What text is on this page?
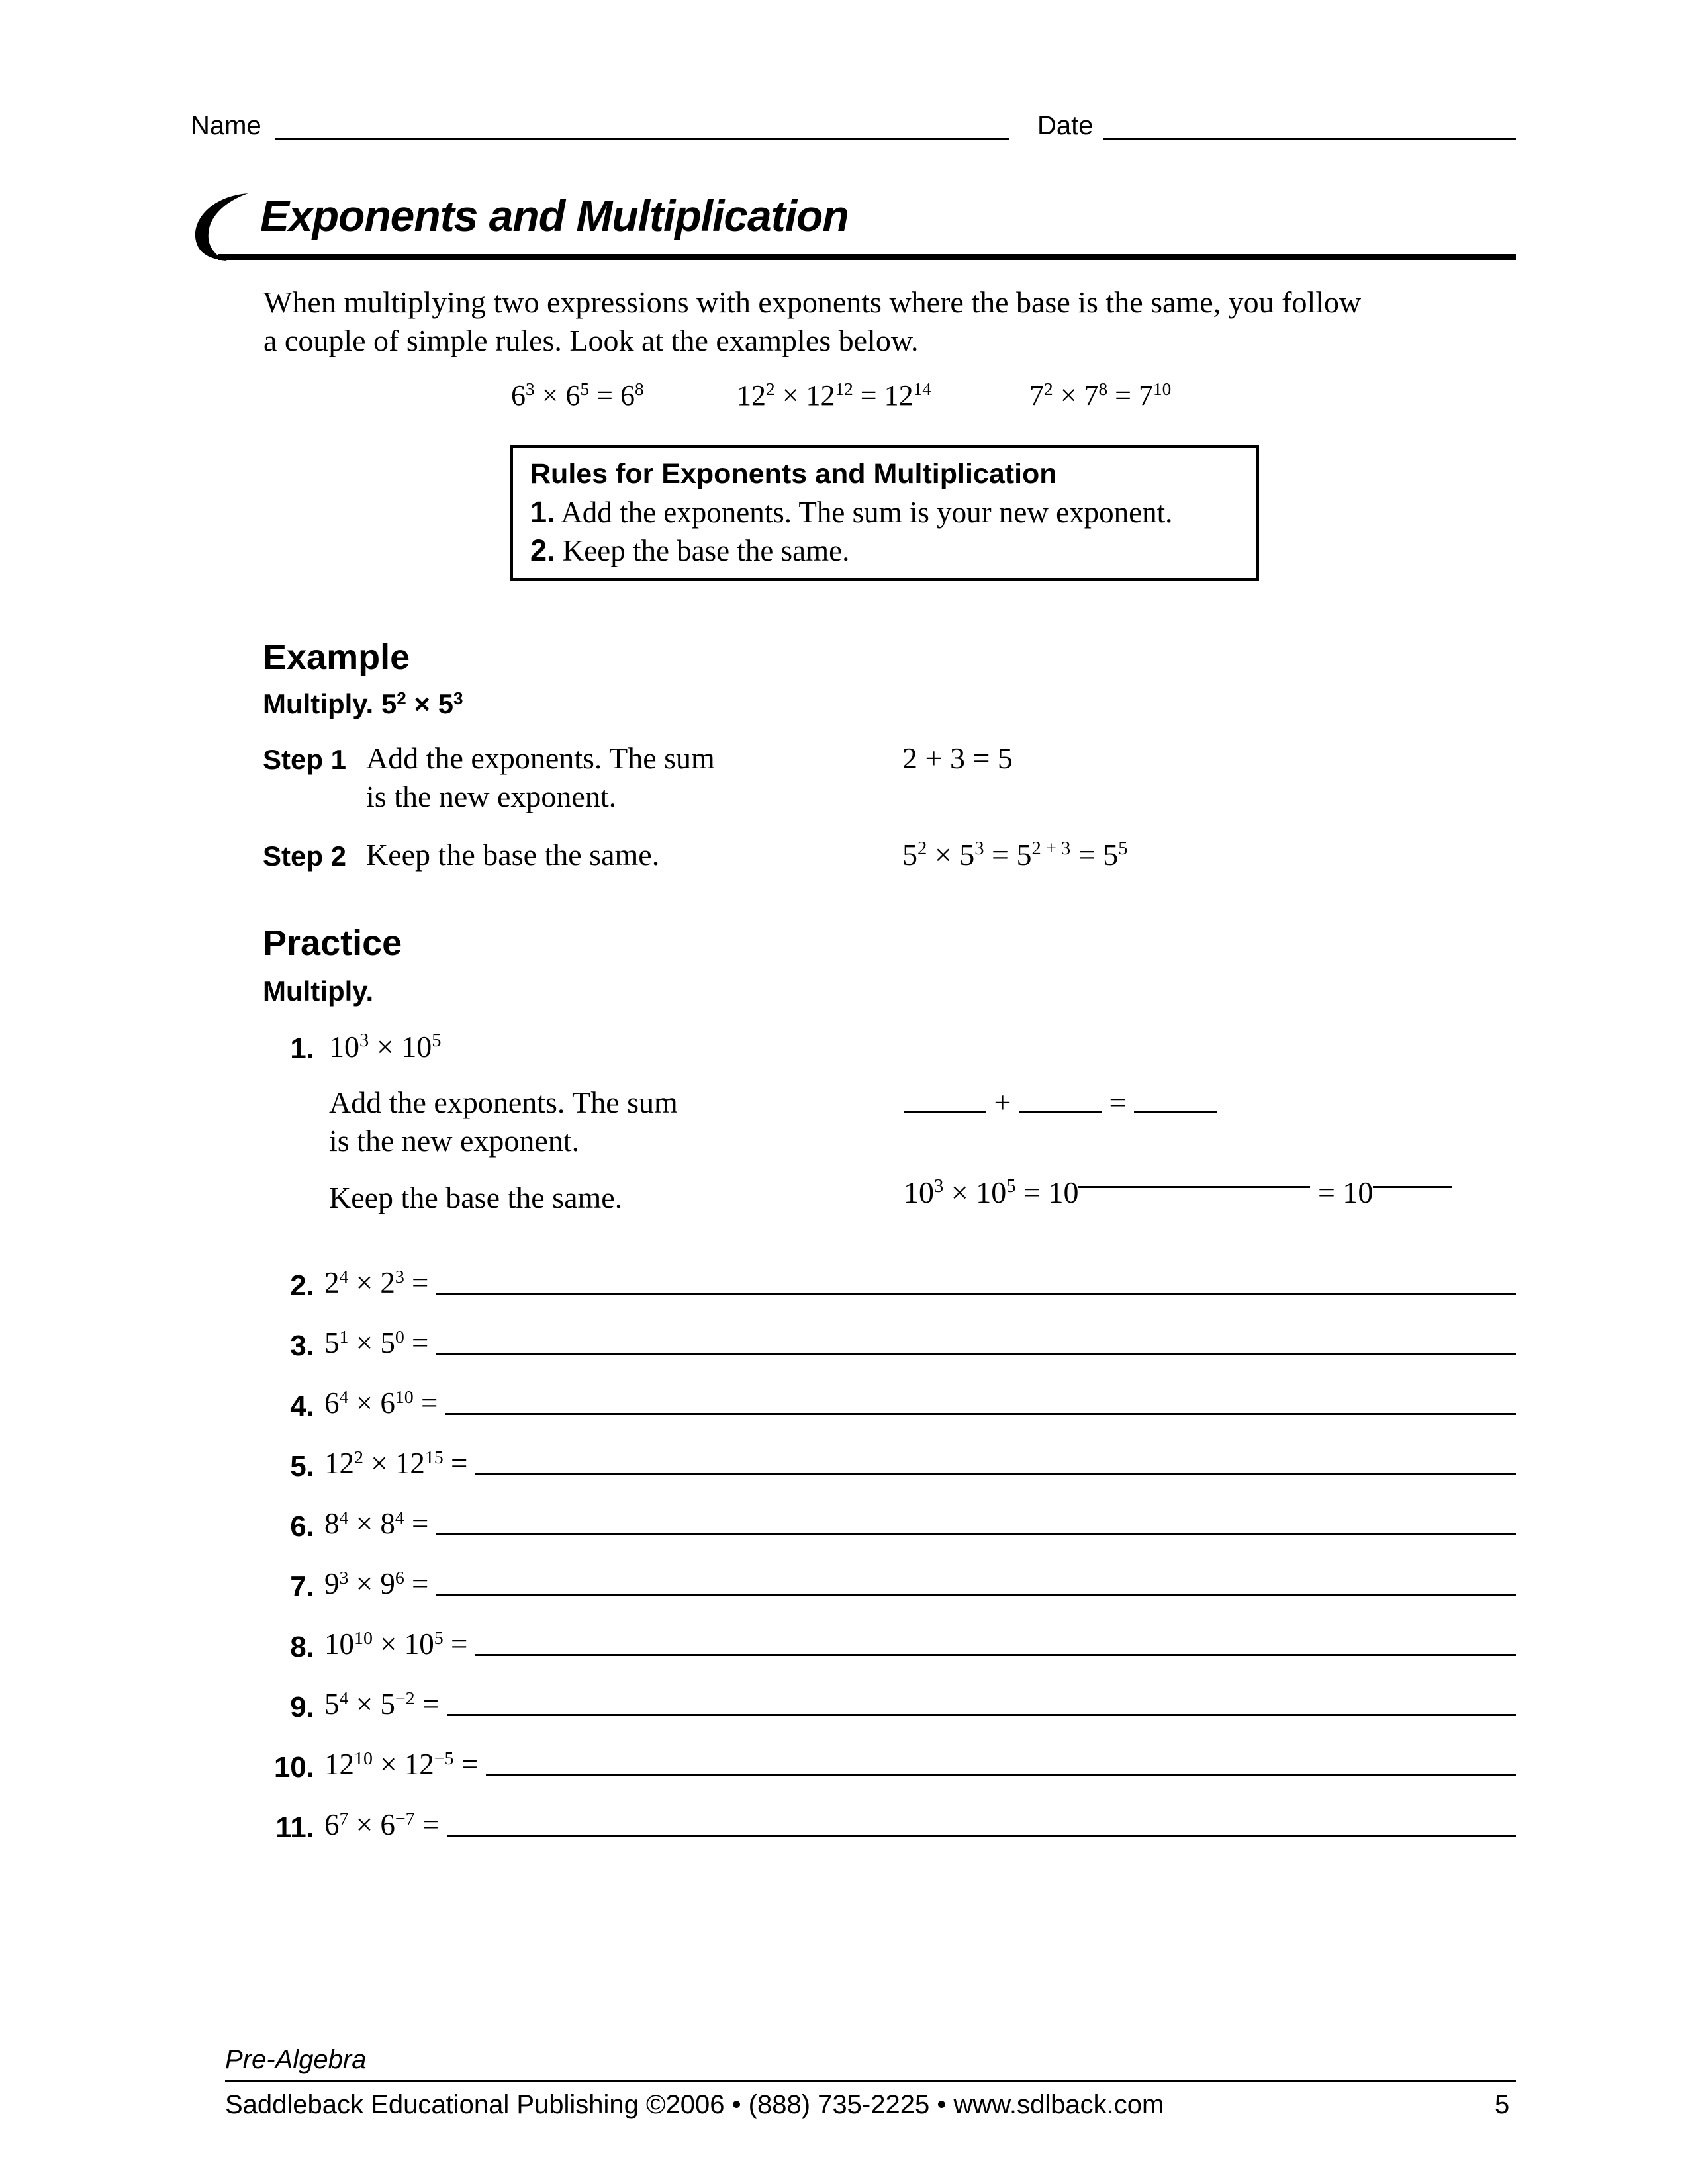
Name	Date
Exponents and Multiplication
When multiplying two expressions with exponents where the base is the same, you follow
a couple of simple rules. Look at the examples below.
$6^3 \times 6^5 = 6^8$	$12^2 \times 12^{12} = 12^{14}$	$7^2 \times 7^8 = 7^{10}$
Rules for Exponents and Multiplication
1. Add the exponents. The sum is your new exponent.
2. Keep the base the same.
Example
Multiply. $5^2 \times 5^3$
Step 1 Add the exponents. The sum
is the new exponent.
2 + 3 = 5
Step 2 Keep the base the same.	$5^2 \times 5^3 = 5^{2 + 3} = 5^5$
Practice
Multiply.
1. $10^3 \times 10^5$
Add the exponents. The sum
is the new exponent.
+	=
Keep the base the same.	$10^3 \times 10^5 = 10$	= 10
2. $2^4 \times 2^3$ =
3. $5^1 \times 5^0$ =
4. $6^4 \times 6^{10}$ =
5. $12^2 \times 12^{15}$ =
6. $8^4 \times 8^4$ =
7. $9^3 \times 9^6$ =
8. $10^{10} \times 10^5$ =
9. $5^4 \times 5^{-2}$ =
10. $12^{10} \times 12^{-5}$ =
11. $6^7 \times 6^{-7}$ =
Pre-Algebra
Saddleback Educational Publishing ©2006 • (888) 735-2225 • www.sdlback.com	5
